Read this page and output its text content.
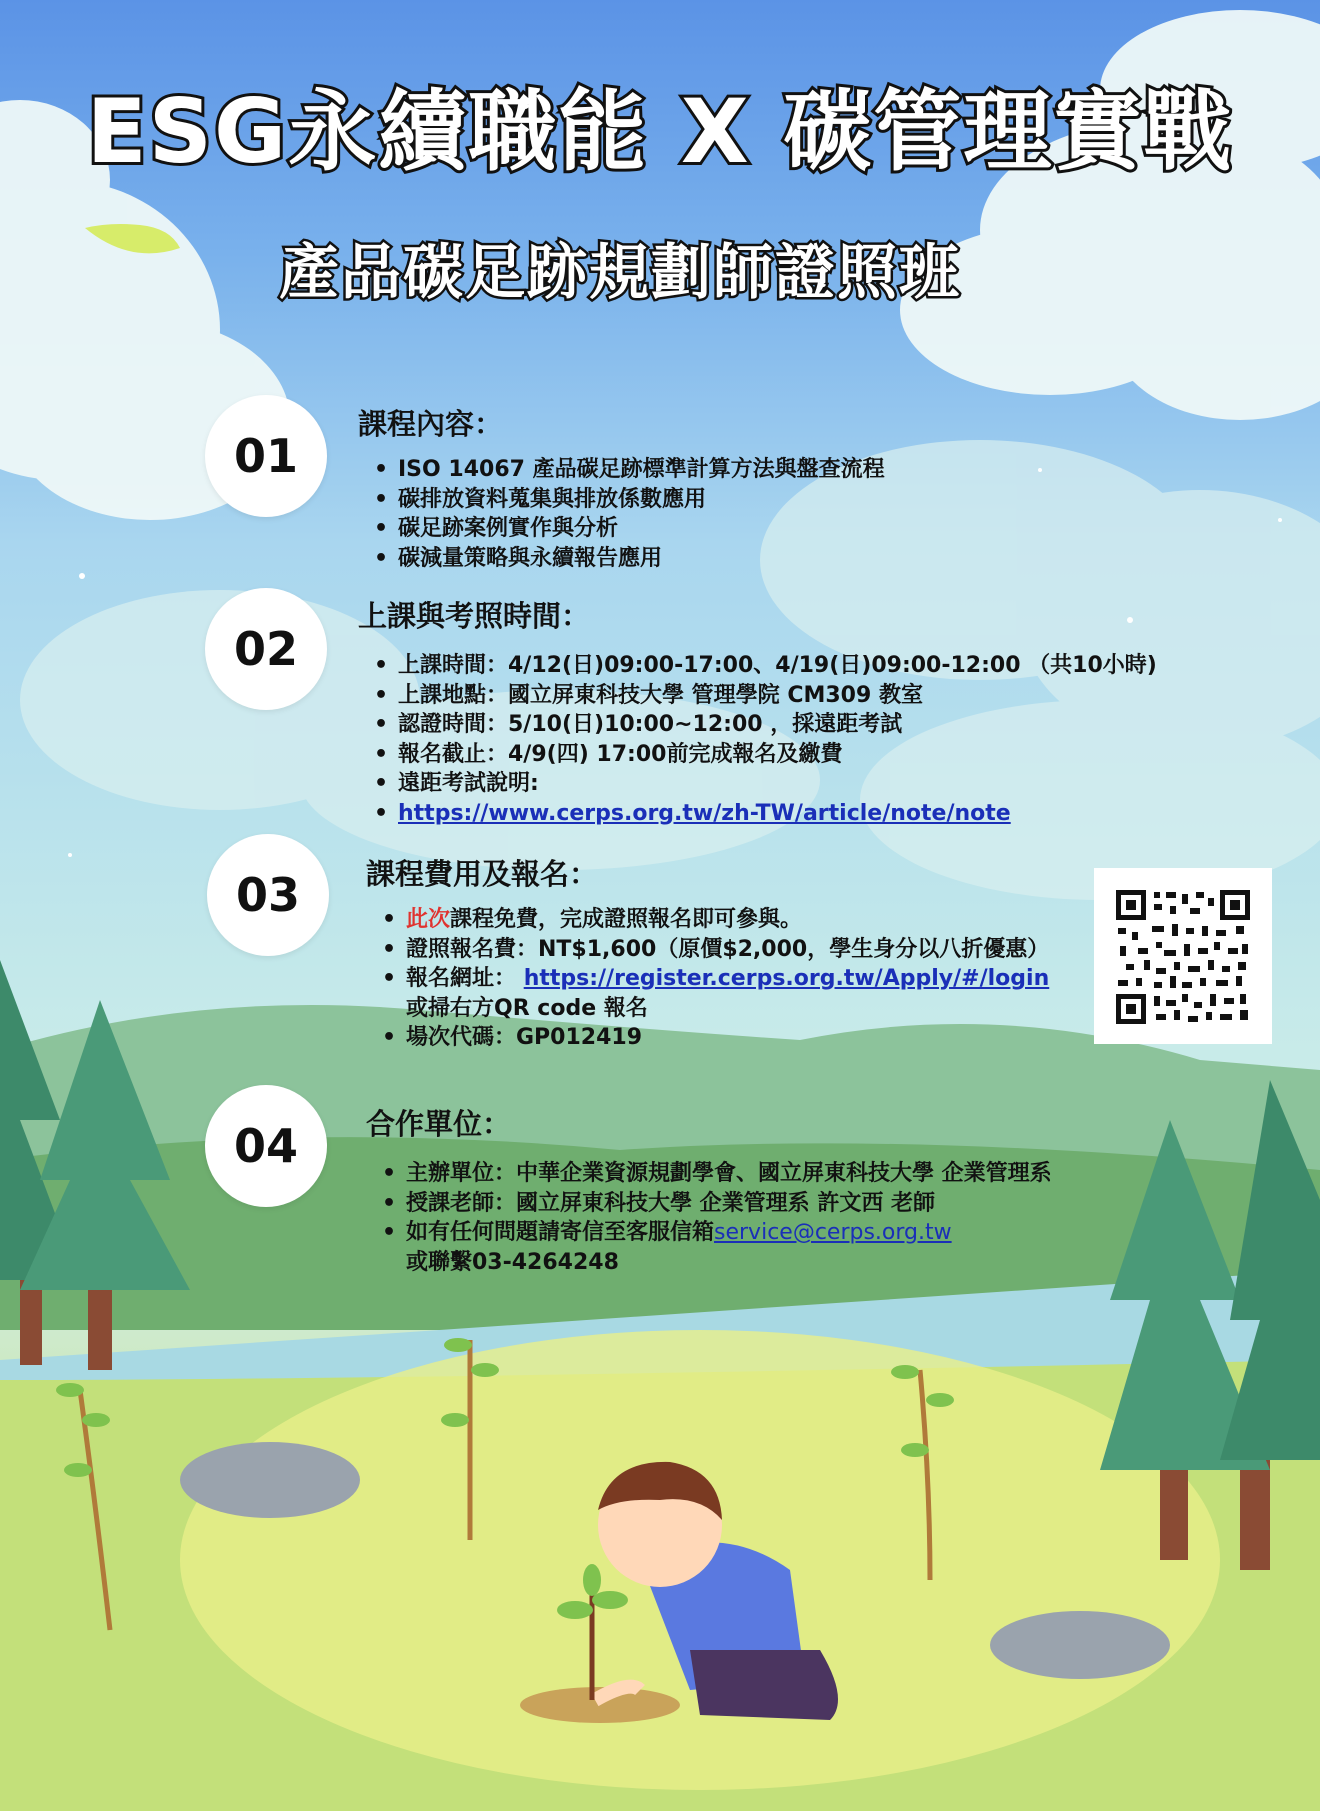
ESG永續職能 X 碳管理實戰
產品碳足跡規劃師證照班
01
課程內容：
• ISO 14067 產品碳足跡標準計算方法與盤查流程
• 碳排放資料蒐集與排放係數應用
• 碳足跡案例實作與分析
• 碳減量策略與永續報告應用
02
上課與考照時間：
• 上課時間：4/12(日)09:00-17:00、4/19(日)09:00-12:00 （共10小時)
• 上課地點：國立屏東科技大學 管理學院 CM309 教室
• 認證時間：5/10(日)10:00~12:00 ，採遠距考試
• 報名截止：4/9(四) 17:00前完成報名及繳費
• 遠距考試說明:
• https://www.cerps.org.tw/zh-TW/article/note/note
03	課程費用及報名：
• 此次課程免費，完成證照報名即可參與。
• 證照報名費：NT$1,600（原價$2,000，學生身分以八折優惠）
• 報名網址： https://register.cerps.org.tw/Apply/#/login
或掃右方QR code 報名
• 場次代碼：GP012419
04	合作單位：
• 主辦單位：中華企業資源規劃學會、國立屏東科技大學 企業管理系
• 授課老師：國立屏東科技大學 企業管理系 許文西 老師
• 如有任何問題請寄信至客服信箱service@cerps.org.tw
或聯繫03-4264248
